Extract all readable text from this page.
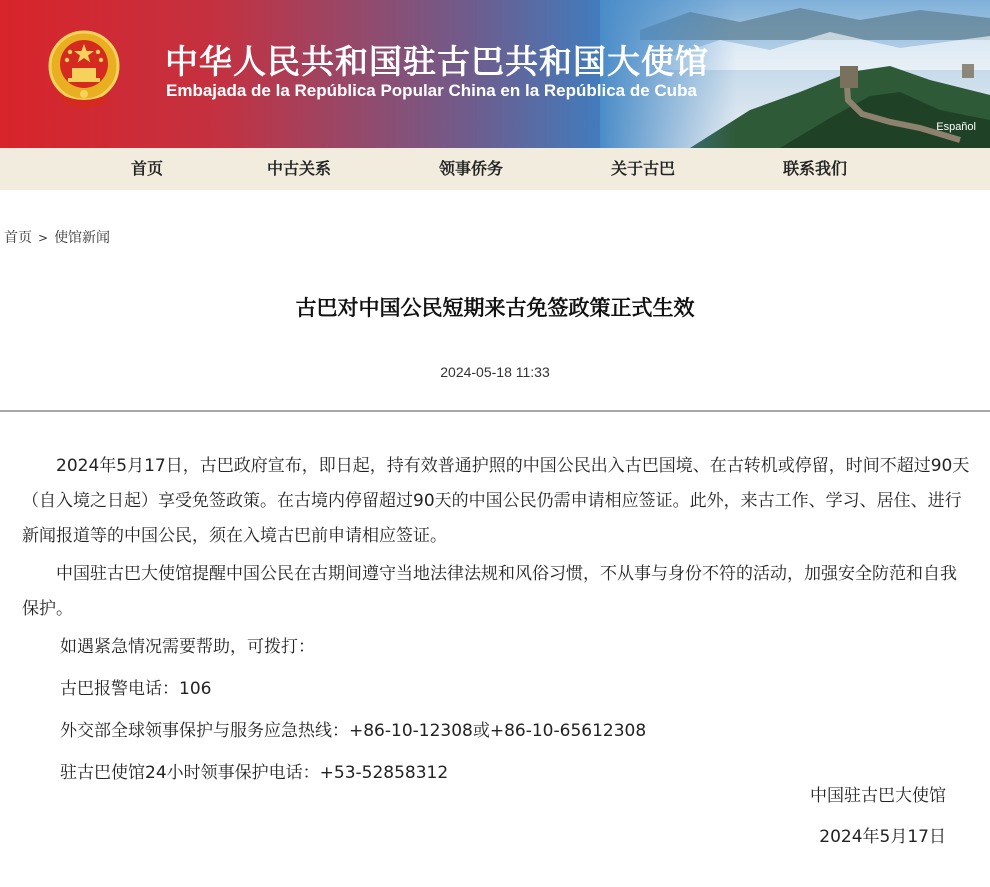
中华人民共和国驻古巴共和国大使馆
Embajada de la República Popular China en la República de Cuba
Español
首页	中古关系	领事侨务	关于古巴	联系我们
首页 > 使馆新闻
古巴对中国公民短期来古免签政策正式生效
2024-05-18 11:33

2024年5月17日，古巴政府宣布，即日起，持有效普通护照的中国公民出入古巴国境、在古转机或停留，时间不超过90天（自入境之日起）享受免签政策。在古境内停留超过90天的中国公民仍需申请相应签证。此外，来古工作、学习、居住、进行新闻报道等的中国公民，须在入境古巴前申请相应签证。

中国驻古巴大使馆提醒中国公民在古期间遵守当地法律法规和风俗习惯，不从事与身份不符的活动，加强安全防范和自我保护。

如遇紧急情况需要帮助，可拨打：

古巴报警电话：106

外交部全球领事保护与服务应急热线：+86-10-12308或+86-10-65612308

驻古巴使馆24小时领事保护电话：+53-52858312

中国驻古巴大使馆
2024年5月17日
